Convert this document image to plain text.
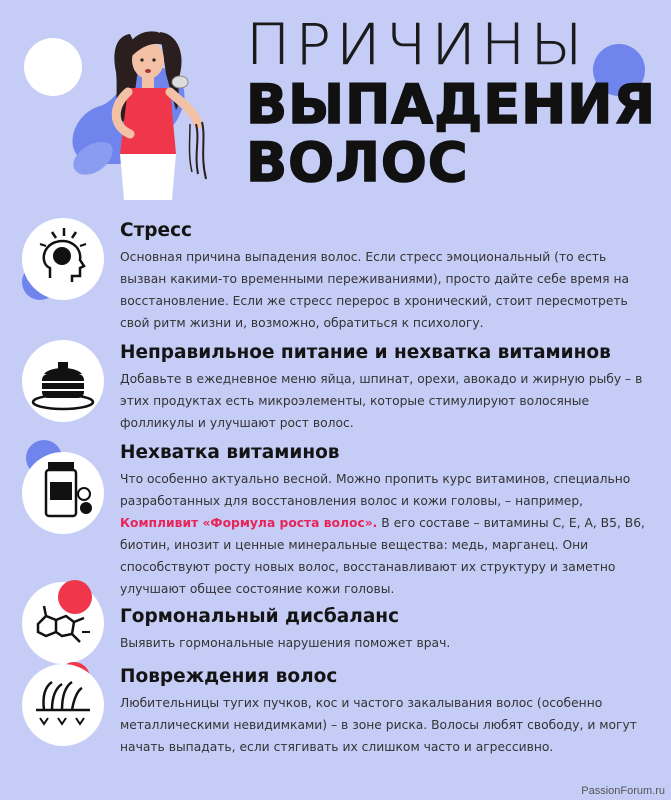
ПРИЧИНЫ
ВЫПАДЕНИЯ
ВОЛОС

Стресс

Основная причина выпадения волос. Если стресс эмоциональный (то есть вызван какими-то временными переживаниями), просто дайте себе время на восстановление. Если же стресс перерос в хронический, стоит пересмотреть свой ритм жизни и, возможно, обратиться к психологу.

Неправильное питание и нехватка витаминов

Добавьте в ежедневное меню яйца, шпинат, орехи, авокадо и жирную рыбу – в этих продуктах есть микроэлементы, которые стимулируют волосяные фолликулы и улучшают рост волос.

Нехватка витаминов

Что особенно актуально весной. Можно пропить курс витаминов, специально разработанных для восстановления волос и кожи головы, – например, Компливит «Формула роста волос». В его составе – витамины С, Е, А, В5, В6, биотин, инозит и ценные минеральные вещества: медь, марганец. Они способствуют росту новых волос, восстанавливают их структуру и заметно улучшают общее состояние кожи головы.

Гормональный дисбаланс

Выявить гормональные нарушения поможет врач.

Повреждения волос

Любительницы тугих пучков, кос и частого закалывания волос (особенно металлическими невидимками) – в зоне риска. Волосы любят свободу, и могут начать выпадать, если стягивать их слишком часто и агрессивно.

PassionForum.ru
